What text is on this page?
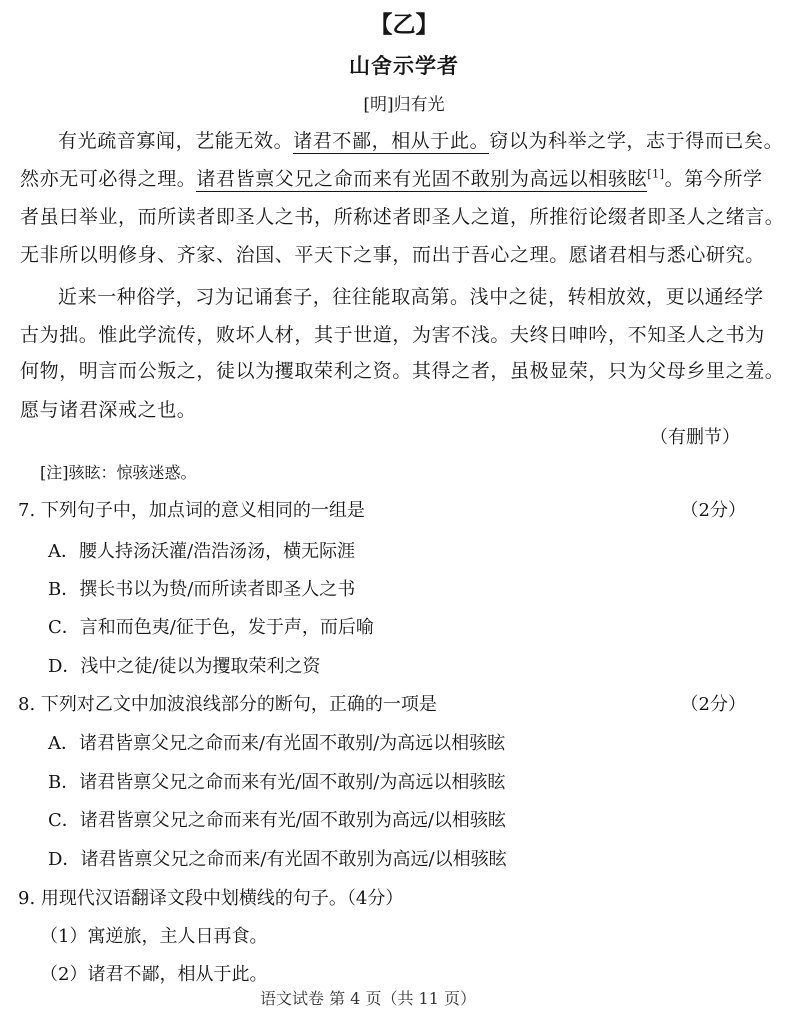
【乙】
山舍示学者
[明]归有光
有光疏音寡闻，艺能无效。诸君不鄙，相从于此。窃以为科举之学，志于得而已矣。
然亦无可必得之理。诸君皆禀父兄之命而来有光固不敢别为高远以相骇眩[1]。第今所学
者虽曰举业，而所读者即圣人之书，所称述者即圣人之道，所推衍论缀者即圣人之绪言。
无非所以明修身、齐家、治国、平天下之事，而出于吾心之理。愿诸君相与悉心研究。
近来一种俗学，习为记诵套子，往往能取高第。浅中之徒，转相放效，更以通经学
古为拙。惟此学流传，败坏人材，其于世道，为害不浅。夫终日呻吟，不知圣人之书为
何物，明言而公叛之，徒以为攫取荣利之资。其得之者，虽极显荣，只为父母乡里之羞。
愿与诸君深戒之也。
（有删节）
[注]骇眩：惊骇迷惑。
7. 下列句子中，加点词的意义相同的一组是	（2分）
A．腰人持汤沃灌/浩浩汤汤，横无际涯
B．撰长书以为贽/而所读者即圣人之书
C．言和而色夷/征于色，发于声，而后喻
D．浅中之徒/徒以为攫取荣利之资
8. 下列对乙文中加波浪线部分的断句，正确的一项是	（2分）
A．诸君皆禀父兄之命而来/有光固不敢别/为高远以相骇眩
B．诸君皆禀父兄之命而来有光/固不敢别/为高远以相骇眩
C．诸君皆禀父兄之命而来有光/固不敢别为高远/以相骇眩
D．诸君皆禀父兄之命而来/有光固不敢别为高远/以相骇眩
9. 用现代汉语翻译文段中划横线的句子。（4分）
（1）寓逆旅，主人日再食。
（2）诸君不鄙，相从于此。
语文试卷 第 4 页（共 11 页）
